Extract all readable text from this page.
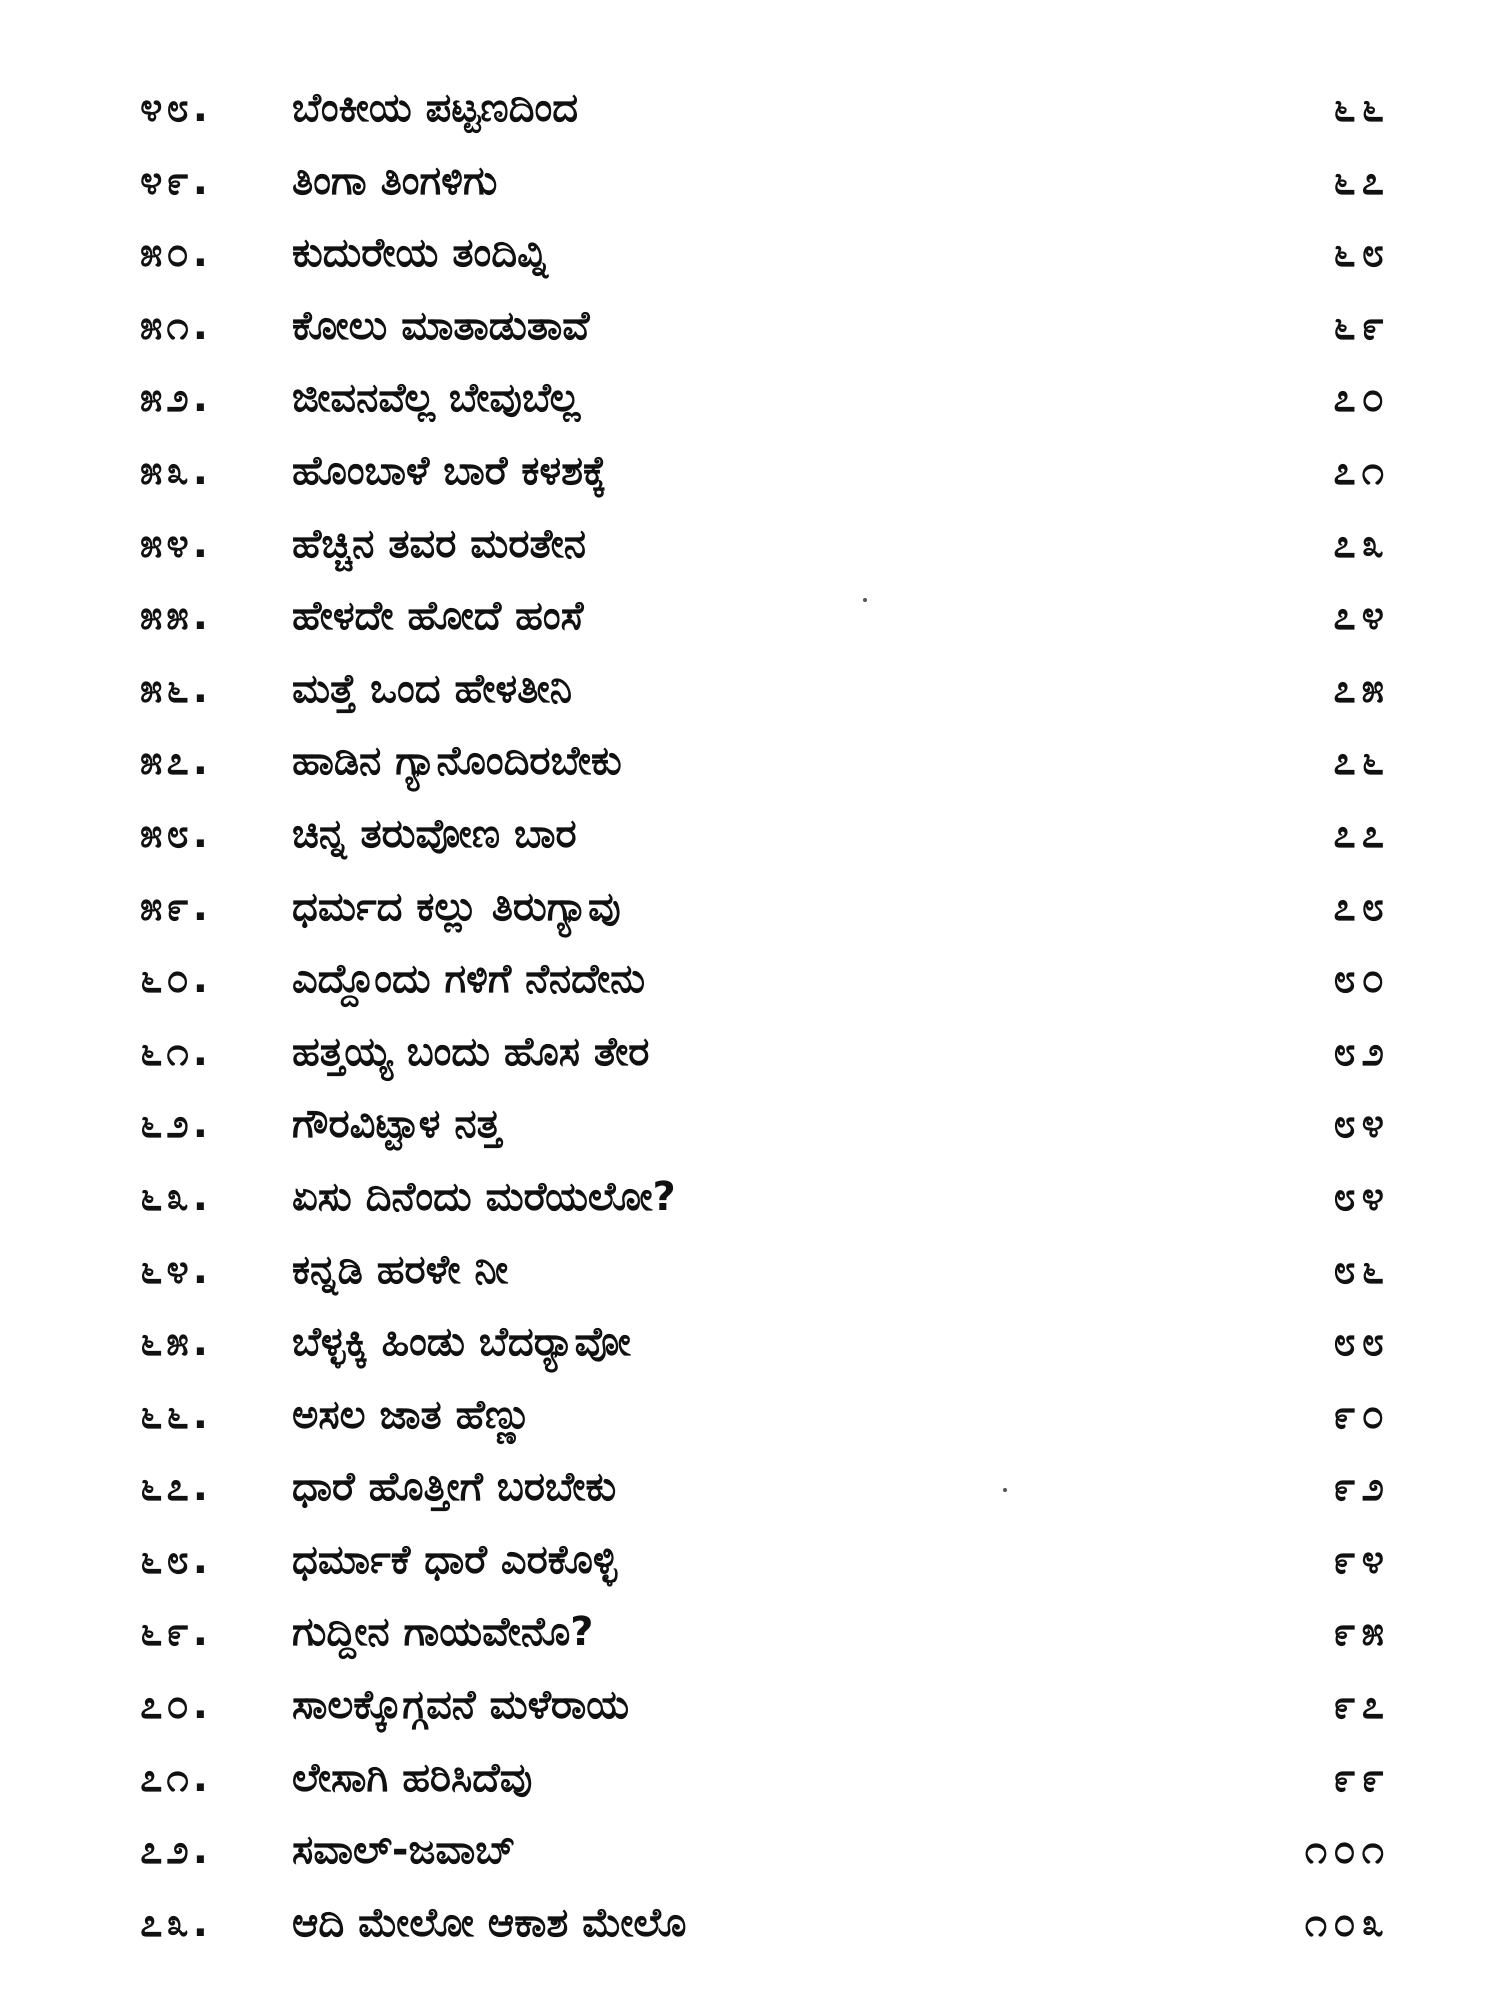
೪೮. ಬೆಂಕೀಯ ಪಟ್ಟಣದಿಂದ	೬೬
೪೯. ತಿಂಗಾ ತಿಂಗಳಿಗು	೬೭
೫೦. ಕುದುರೇಯ ತಂದಿವ್ನಿ	೬೮
೫೧. ಕೋಲು ಮಾತಾಡುತಾವೆ	೬೯
೫೨. ಜೀವನವೆಲ್ಲ ಬೇವುಬೆಲ್ಲ	೭೦
೫೩. ಹೊಂಬಾಳೆ ಬಾರೆ ಕಳಶಕ್ಕೆ	೭೧
೫೪. ಹೆಚ್ಚಿನ ತವರ ಮರತೇನ	೭೩
೫೫. ಹೇಳದೇ ಹೋದೆ ಹಂಸೆ	೭೪
೫೬. ಮತ್ತೆ ಒಂದ ಹೇಳತೀನಿ	೭೫
೫೭. ಹಾಡಿನ ಗ್ಯಾನೊಂದಿರಬೇಕು	೭೬
೫೮. ಚಿನ್ನ ತರುವೋಣ ಬಾರ	೭೭
೫೯. ಧರ್ಮದ ಕಲ್ಲು ತಿರುಗ್ಯಾವು	೭೮
೬೦. ಎದ್ದೊಂದು ಗಳಿಗೆ ನೆನದೇನು	೮೦
೬೧. ಹತ್ತಯ್ಯ ಬಂದು ಹೊಸ ತೇರ	೮೨
೬೨. ಗೌರವಿಟ್ಟಾಳ ನತ್ತ	೮೪
೬೩. ಏಸು ದಿನೆಂದು ಮರೆಯಲೋ?	೮೪
೬೪. ಕನ್ನಡಿ ಹರಳೇ ನೀ	೮೬
೬೫. ಬೆಳ್ಳಕ್ಕಿ ಹಿಂಡು ಬೆದರ್‍ಯಾವೋ	೮೮
೬೬. ಅಸಲ ಜಾತ ಹೆಣ್ಣು	೯೦
೬೭. ಧಾರೆ ಹೊತ್ತೀಗೆ ಬರಬೇಕು	೯೨
೬೮. ಧರ್ಮಾಕೆ ಧಾರೆ ಎರಕೊಳ್ಳಿ	೯೪
೬೯. ಗುದ್ದೀನ ಗಾಯವೇನೊ?	೯೫
೭೦. ಸಾಲಕ್ಕೊಗ್ಗವನೆ ಮಳೆರಾಯ	೯೭
೭೧. ಲೇಸಾಗಿ ಹರಿಸಿದೆವು	೯೯
೭೨. ಸವಾಲ್-ಜವಾಬ್	೧೦೧
೭೩. ಆದಿ ಮೇಲೋ ಆಕಾಶ ಮೇಲೊ	೧೦೩
